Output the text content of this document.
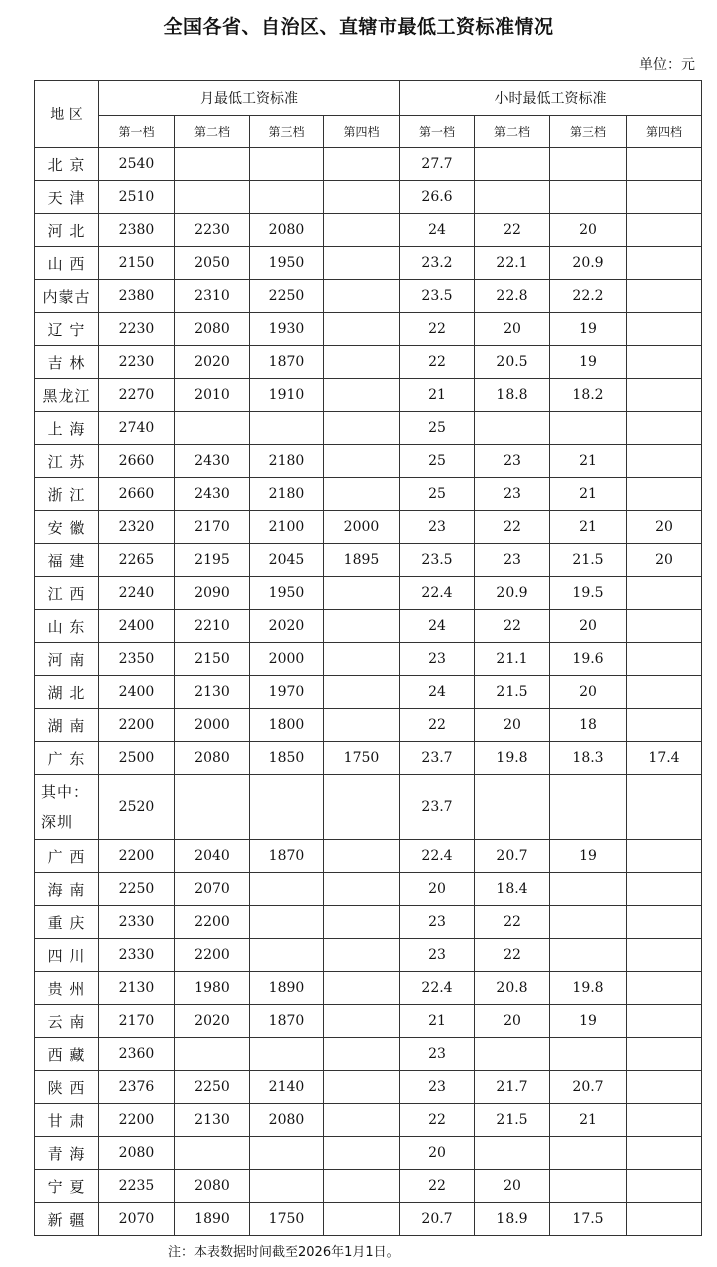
全国各省、自治区、直辖市最低工资标准情况
单位：元
地 区	月最低工资标准				小时最低工资标准			
	第一档	第二档	第三档	第四档	第一档	第二档	第三档	第四档
北 京	2540				27.7			
天 津	2510				26.6			
河 北	2380	2230	2080		24	22	20	
山 西	2150	2050	1950		23.2	22.1	20.9	
内蒙古	2380	2310	2250		23.5	22.8	22.2	
辽 宁	2230	2080	1930		22	20	19	
吉 林	2230	2020	1870		22	20.5	19	
黑龙江	2270	2010	1910		21	18.8	18.2	
上 海	2740				25			
江 苏	2660	2430	2180		25	23	21	
浙 江	2660	2430	2180		25	23	21	
安 徽	2320	2170	2100	2000	23	22	21	20
福 建	2265	2195	2045	1895	23.5	23	21.5	20
江 西	2240	2090	1950		22.4	20.9	19.5	
山 东	2400	2210	2020		24	22	20	
河 南	2350	2150	2000		23	21.1	19.6	
湖 北	2400	2130	1970		24	21.5	20	
湖 南	2200	2000	1800		22	20	18	
广 东	2500	2080	1850	1750	23.7	19.8	18.3	17.4
其中：
深圳	2520				23.7			
广 西	2200	2040	1870		22.4	20.7	19	
海 南	2250	2070			20	18.4		
重 庆	2330	2200			23	22		
四 川	2330	2200			23	22		
贵 州	2130	1980	1890		22.4	20.8	19.8	
云 南	2170	2020	1870		21	20	19	
西 藏	2360				23			
陕 西	2376	2250	2140		23	21.7	20.7	
甘 肃	2200	2130	2080		22	21.5	21	
青 海	2080				20			
宁 夏	2235	2080			22	20		
新 疆	2070	1890	1750		20.7	18.9	17.5	
注：本表数据时间截至2026年1月1日。
